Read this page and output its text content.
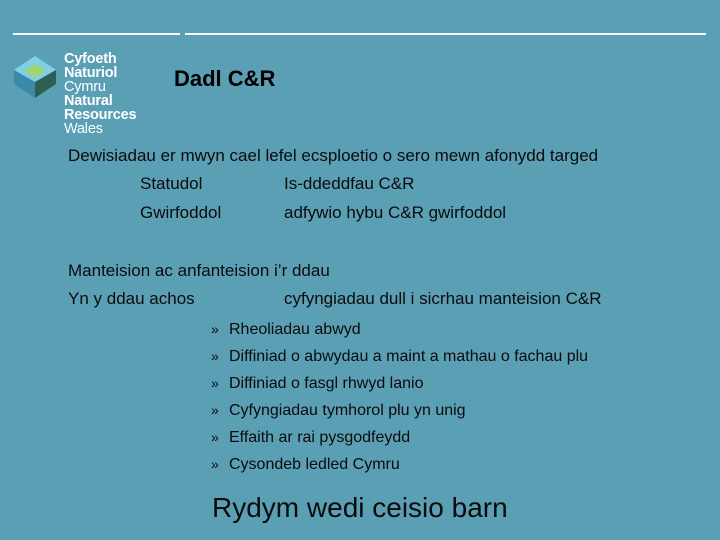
Cyfoeth
Naturiol
Cymru
Natural
Resources
Wales
Dadl C&R
Dewisiadau er mwyn cael lefel ecsploetio o sero mewn afonydd targed
Statudol	Is-ddeddfau C&R
Gwirfoddol	adfywio hybu C&R gwirfoddol
Manteision ac anfanteision i’r ddau
Yn y ddau achos	cyfyngiadau dull i sicrhau manteision C&R
» Rheoliadau abwyd
» Diffiniad o abwydau a maint a mathau o fachau plu
» Diffiniad o fasgl rhwyd lanio
» Cyfyngiadau tymhorol plu yn unig
» Effaith ar rai pysgodfeydd
» Cysondeb ledled Cymru
Rydym wedi ceisio barn
